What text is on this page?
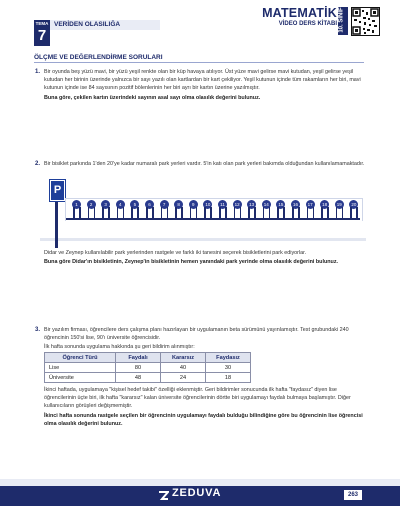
TEMA
7
VERİDEN OLASILIĞA
MATEMATİK
VİDEO DERS KİTABI 10. SINIF
ÖLÇME VE DEĞERLENDİRME SORULARI
1. Bir oyunda beş yüzü mavi, bir yüzü yeşil renkte olan bir küp havaya atılıyor. Üst yüze mavi gelirse mavi kutudan, yeşil gelirse yeşil kutudan her birinin üzerinde yalnızca bir sayı yazılı olan kartlardan bir kart çekiliyor. Yeşil kutunun içinde tüm rakamların her biri, mavi kutunun içinde ise 84 sayısının pozitif bölenlerinin her biri ayrı bir kartın üzerine yazılmıştır.
Buna göre, çekilen kartın üzerindeki sayının asal sayı olma olasılık değerini bulunuz.
2. Bir bisiklet parkında 1'den 20'ye kadar numaralı park yerleri vardır. 5'in katı olan park yerleri bakımda olduğundan kullanılamamaktadır.
P
1	2	3	4	5	6	7	8	9	10	11	12	13	14	15	16	17	18	19	20
Didar ve Zeynep kullanılabilir park yerlerinden rastgele ve farklı iki tanesini seçerek bisikletlerini park ediyorlar.
Buna göre Didar'ın bisikletinin, Zeynep'in bisikletinin hemen yanındaki park yerinde olma olasılık değerini bulunuz.
3. Bir yazılım firması, öğrencilere ders çalışma planı hazırlayan bir uygulamanın beta sürümünü yayınlamıştır. Test grubundaki 240 öğrencinin 150'si lise, 90'ı üniversite öğrencisidir.
İlk hafta sonunda uygulama hakkında şu geri bildirim alınmıştır:
Öğrenci Türü	Faydalı	Kararsız	Faydasız
Lise	80	40	30
Üniversite	48	24	18
İkinci haftada, uygulamaya "kişisel hedef takibi" özelliği eklenmiştir. Geri bildirimler sonucunda ilk hafta "faydasız" diyen lise öğrencilerinin üçte biri, ilk hafta "kararsız" kalan üniversite öğrencilerinin dörtte biri uygulamayı faydalı bulmaya başlamıştır. Diğer kullanıcıların görüşleri değişmemiştir.
İkinci hafta sonunda rastgele seçilen bir öğrencinin uygulamayı faydalı bulduğu bilindiğine göre bu öğrencinin lise öğrencisi olma olasılık değerini bulunuz.
ZEDUVA	263
